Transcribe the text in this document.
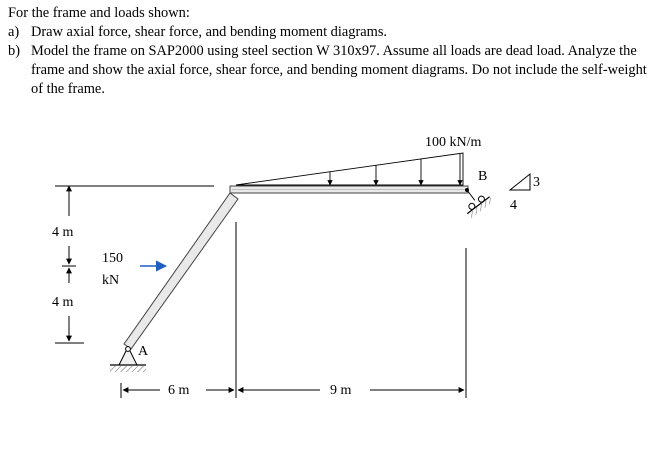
For the frame and loads shown:

a) Draw axial force, shear force, and bending moment diagrams.
b) Model the frame on SAP2000 using steel section W 310x97. Assume all loads are dead load. Analyze the frame and show the axial force, shear force, and bending moment diagrams. Do not include the self-weight of the frame.
100 kN/m
A
B	3
4
150
kN
4 m
4 m
6 m	9 m
